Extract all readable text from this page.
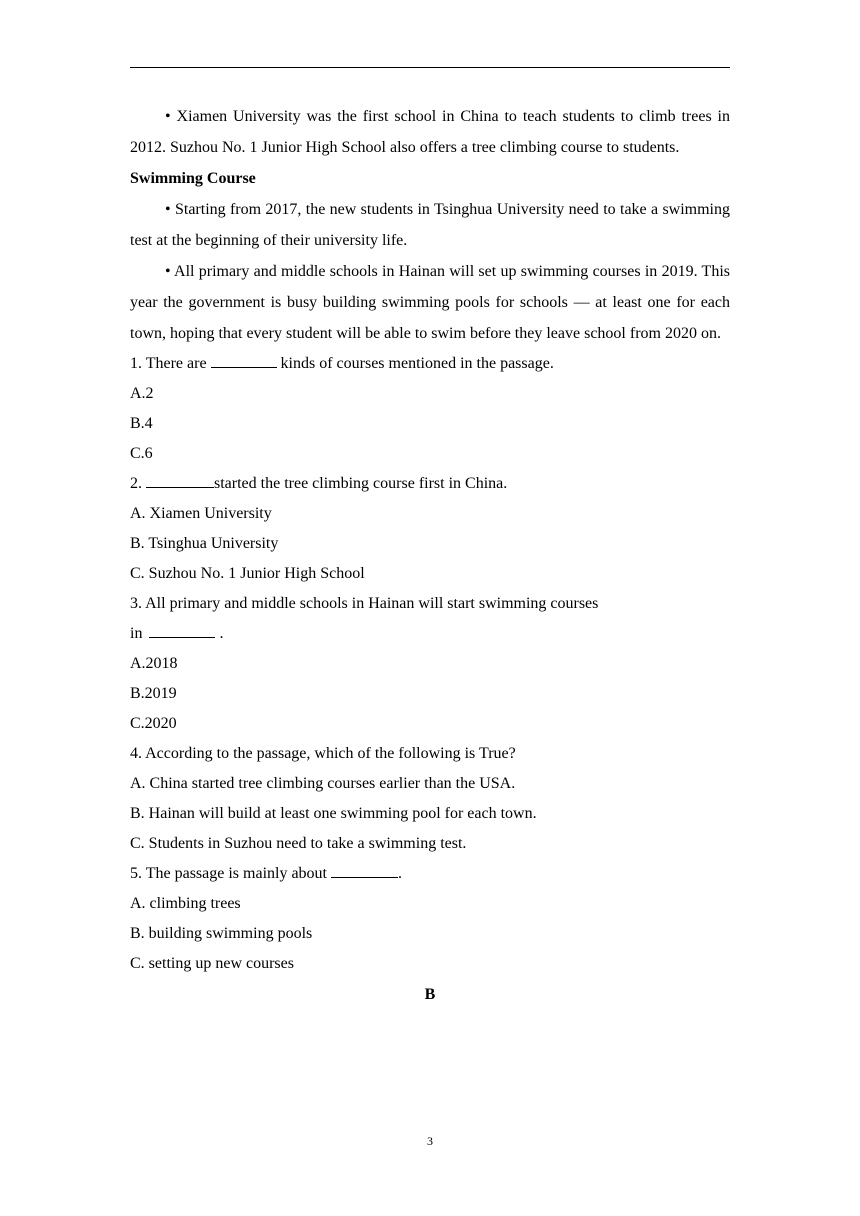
• Xiamen University was the first school in China to teach students to climb trees in 2012. Suzhou No. 1 Junior High School also offers a tree climbing course to students.

Swimming Course

• Starting from 2017, the new students in Tsinghua University need to take a swimming test at the beginning of their university life.

• All primary and middle schools in Hainan will set up swimming courses in 2019. This year the government is busy building swimming pools for schools — at least one for each town, hoping that every student will be able to swim before they leave school from 2020 on.

1. There are	kinds of courses mentioned in the passage.

A.2

B.4

C.6

2.	started the tree climbing course first in China.

A. Xiamen University

B. Tsinghua University

C. Suzhou No. 1 Junior High School

3. All primary and middle schools in Hainan will start swimming courses

in	.

A.2018

B.2019

C.2020

4. According to the passage, which of the following is True?

A. China started tree climbing courses earlier than the USA.

B. Hainan will build at least one swimming pool for each town.

C. Students in Suzhou need to take a swimming test.

5. The passage is mainly about	.

A. climbing trees

B. building swimming pools

C. setting up new courses

B

3
